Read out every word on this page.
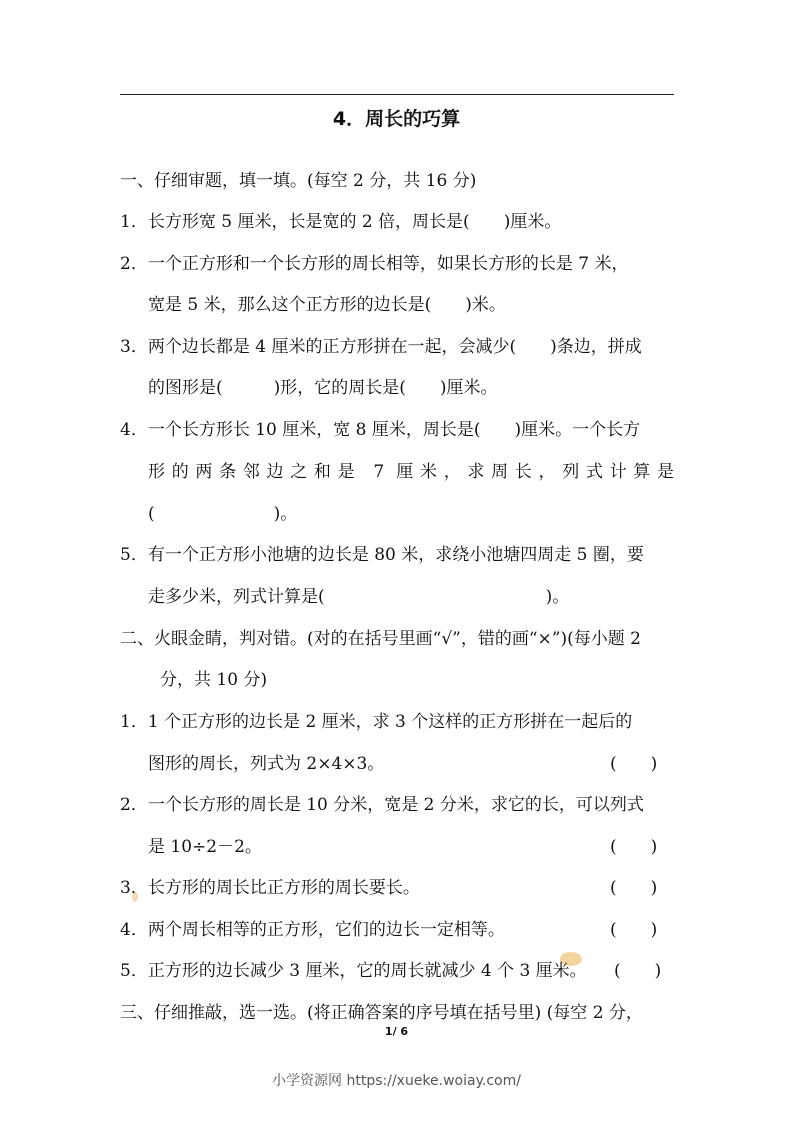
4．周长的巧算
一、仔细审题，填一填。(每空 2 分，共 16 分)
1．长方形宽 5 厘米，长是宽的 2 倍，周长是(　　)厘米。
2．一个正方形和一个长方形的周长相等，如果长方形的长是 7 米，
宽是 5 米，那么这个正方形的边长是(　　)米。
3．两个边长都是 4 厘米的正方形拼在一起，会减少(　　)条边，拼成
的图形是(　　　)形，它的周长是(　　)厘米。
4．一个长方形长 10 厘米，宽 8 厘米，周长是(　　)厘米。一个长方
形的两条邻边之和是 7 厘米，求周长，列式计算是
(　　　　　　　)。
5．有一个正方形小池塘的边长是 80 米，求绕小池塘四周走 5 圈，要
走多少米，列式计算是(　　　　　　　　　　　　　)。
二、火眼金睛，判对错。(对的在括号里画“√”，错的画“×”)(每小题 2
分，共 10 分)
1．1 个正方形的边长是 2 厘米，求 3 个这样的正方形拼在一起后的
图形的周长，列式为 2×4×3。	(　　)
2．一个长方形的周长是 10 分米，宽是 2 分米，求它的长，可以列式
是 10÷2－2。	(　　)
3．长方形的周长比正方形的周长要长。	(　　)
4．两个周长相等的正方形，它们的边长一定相等。	(　　)
5．正方形的边长减少 3 厘米，它的周长就减少 4 个 3 厘米。 (　　)
三、仔细推敲，选一选。(将正确答案的序号填在括号里) (每空 2 分，
1/ 6
小学资源网 https://xueke.woiay.com/
